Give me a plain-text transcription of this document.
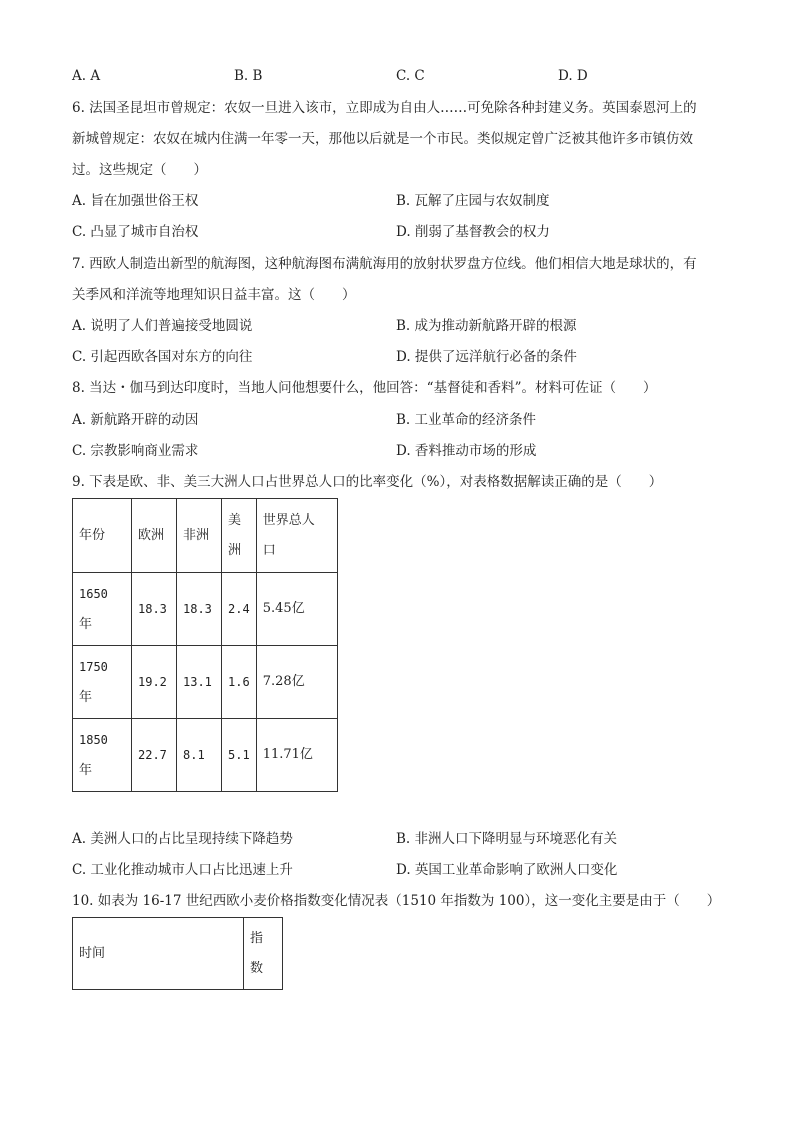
A. A	B. B	C. C	D. D
6. 法国圣昆坦市曾规定：农奴一旦进入该市，立即成为自由人……可免除各种封建义务。英国泰恩河上的
新城曾规定：农奴在城内住满一年零一天，那他以后就是一个市民。类似规定曾广泛被其他许多市镇仿效
过。这些规定（　　）
A. 旨在加强世俗王权	B. 瓦解了庄园与农奴制度
C. 凸显了城市自治权	D. 削弱了基督教会的权力
7. 西欧人制造出新型的航海图，这种航海图布满航海用的放射状罗盘方位线。他们相信大地是球状的，有
关季风和洋流等地理知识日益丰富。这（　　）
A. 说明了人们普遍接受地圆说	B. 成为推动新航路开辟的根源
C. 引起西欧各国对东方的向往	D. 提供了远洋航行必备的条件
8. 当达・伽马到达印度时，当地人问他想要什么，他回答：“基督徒和香料”。材料可佐证（　　）
A. 新航路开辟的动因	B. 工业革命的经济条件
C. 宗教影响商业需求	D. 香料推动市场的形成
9. 下表是欧、非、美三大洲人口占世界总人口的比率变化（%），对表格数据解读正确的是（　　）
年份	欧洲	非洲	美
洲	世界总人
口
1650
年	18.3	18.3	2.4	5.45亿
1750
年	19.2	13.1	1.6	7.28亿
1850
年	22.7	8.1	5.1	11.71亿
A. 美洲人口的占比呈现持续下降趋势	B. 非洲人口下降明显与环境恶化有关
C. 工业化推动城市人口占比迅速上升	D. 英国工业革命影响了欧洲人口变化
10. 如表为 16-17 世纪西欧小麦价格指数变化情况表（1510 年指数为 100），这一变化主要是由于（　　）
时间	指
数
